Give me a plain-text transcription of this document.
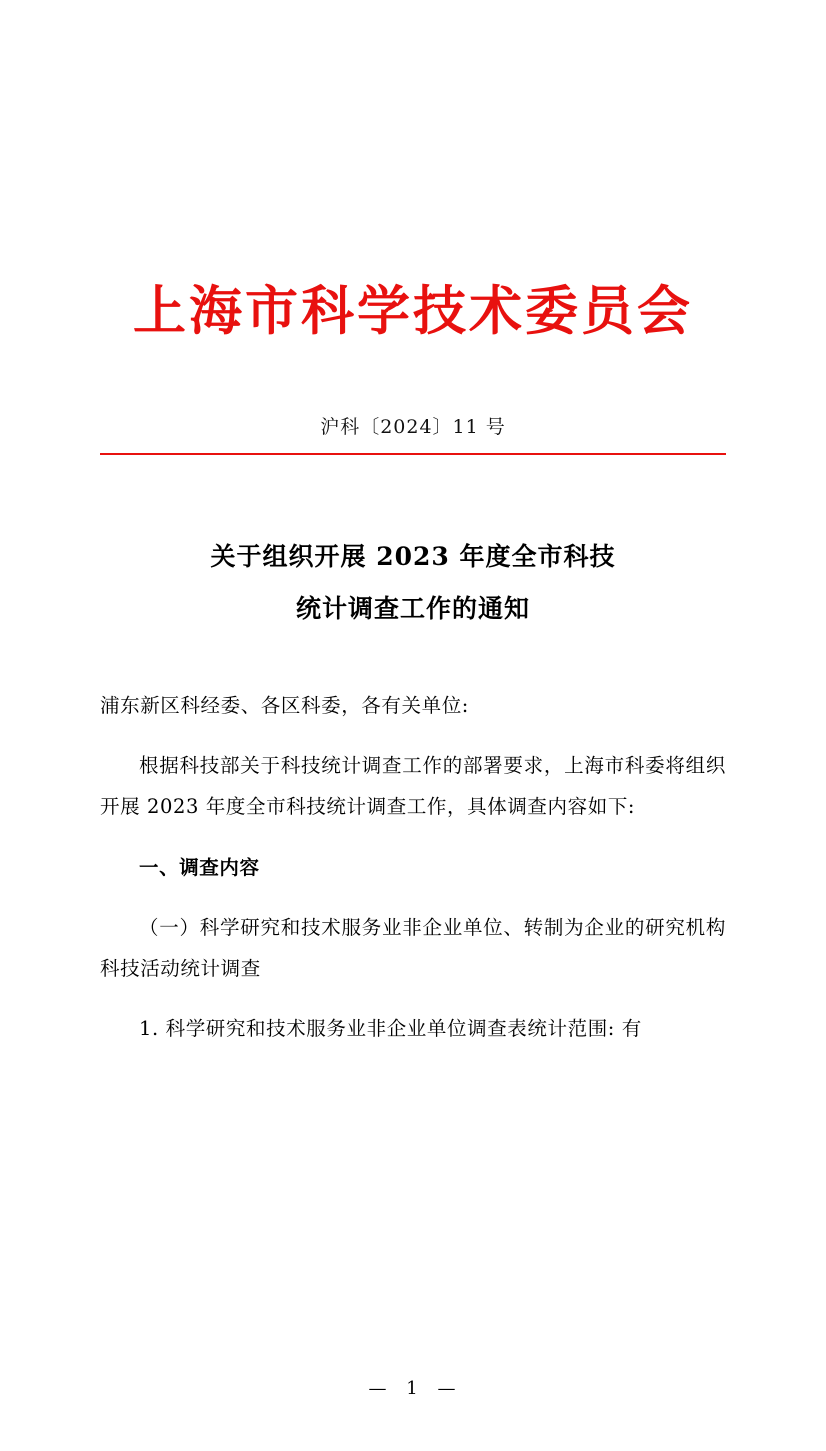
上海市科学技术委员会
沪科〔2024〕11 号
关于组织开展 2023 年度全市科技
统计调查工作的通知

浦东新区科经委、各区科委，各有关单位:

根据科技部关于科技统计调查工作的部署要求，上海市科委将组织开展 2023 年度全市科技统计调查工作，具体调查内容如下:

一、调查内容

（一）科学研究和技术服务业非企业单位、转制为企业的研究机构科技活动统计调查

1. 科学研究和技术服务业非企业单位调查表统计范围: 有

— 1 —
